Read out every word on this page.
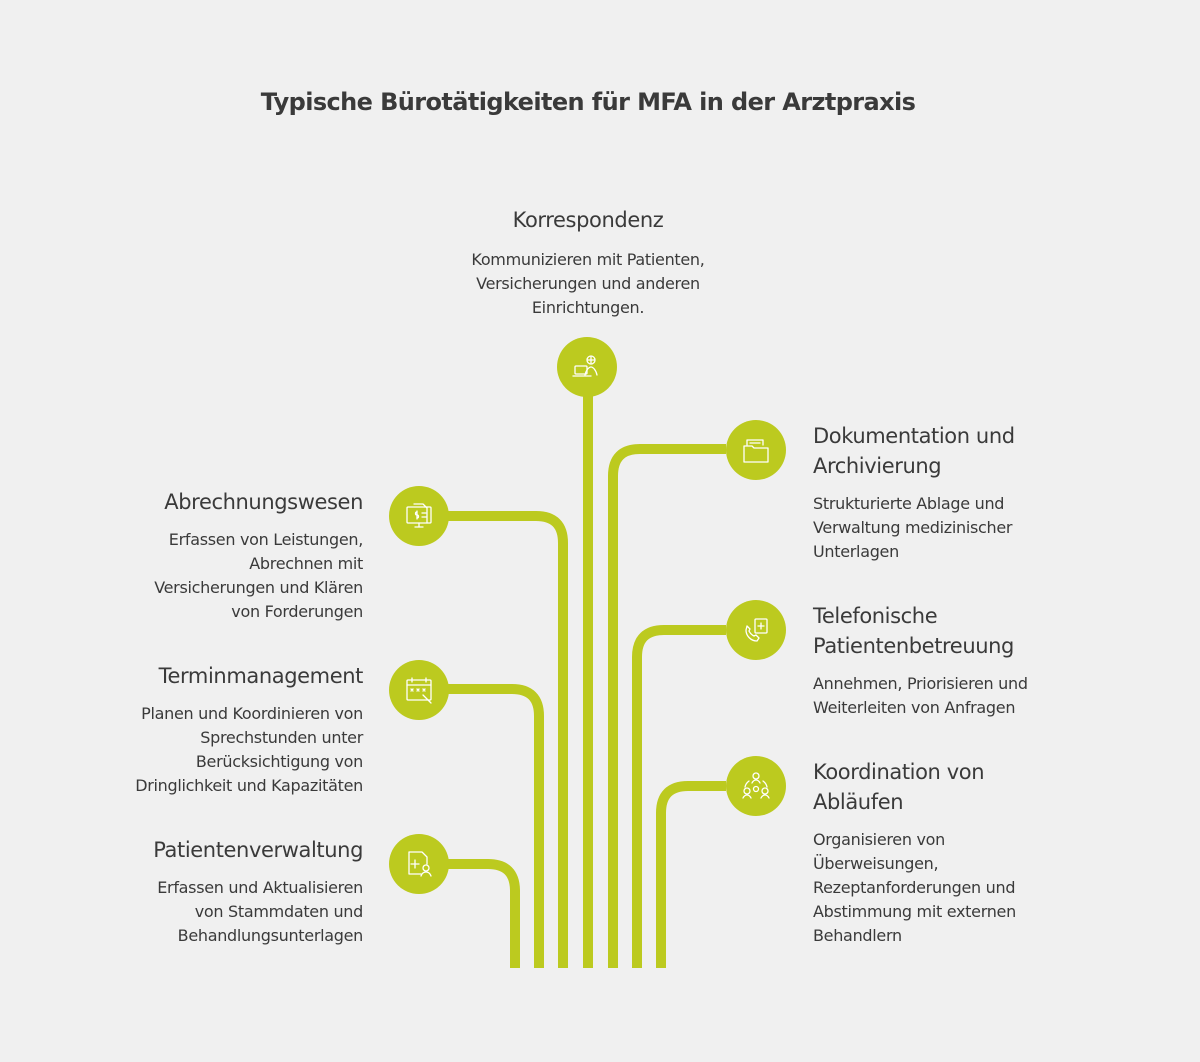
Typische Bürotätigkeiten für MFA in der Arztpraxis
Korrespondenz
Kommunizieren mit Patienten, Versicherungen und anderen Einrichtungen.
Dokumentation und Archivierung
Strukturierte Ablage und Verwaltung medizinischer Unterlagen
Abrechnungswesen
Erfassen von Leistungen, Abrechnen mit Versicherungen und Klären von Forderungen	Telefonische Patientenbetreuung
Annehmen, Priorisieren und Weiterleiten von Anfragen
Terminmanagement
Planen und Koordinieren von Sprechstunden unter Berücksichtigung von Dringlichkeit und Kapazitäten
Koordination von Abläufen
Organisieren von Überweisungen, Rezeptanforderungen und Abstimmung mit externen Behandlern
Patientenverwaltung
Erfassen und Aktualisieren von Stammdaten und Behandlungsunterlagen
